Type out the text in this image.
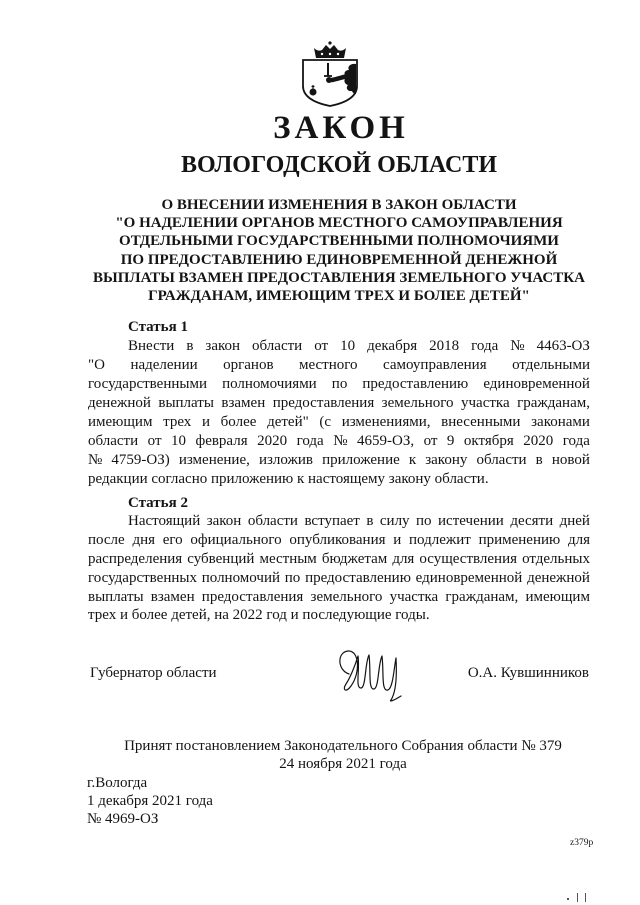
ЗАКОН
ВОЛОГОДСКОЙ ОБЛАСТИ
О ВНЕСЕНИИ ИЗМЕНЕНИЯ В ЗАКОН ОБЛАСТИ
"О НАДЕЛЕНИИ ОРГАНОВ МЕСТНОГО САМОУПРАВЛЕНИЯ
ОТДЕЛЬНЫМИ ГОСУДАРСТВЕННЫМИ ПОЛНОМОЧИЯМИ
ПО ПРЕДОСТАВЛЕНИЮ ЕДИНОВРЕМЕННОЙ ДЕНЕЖНОЙ
ВЫПЛАТЫ ВЗАМЕН ПРЕДОСТАВЛЕНИЯ ЗЕМЕЛЬНОГО УЧАСТКА
ГРАЖДАНАМ, ИМЕЮЩИМ ТРЕХ И БОЛЕЕ ДЕТЕЙ"
Статья 1
Внести в закон области от 10 декабря 2018 года № 4463-ОЗ
"О наделении органов местного самоуправления отдельными
государственными полномочиями по предоставлению единовременной
денежной выплаты взамен предоставления земельного участка гражданам,
имеющим трех и более детей" (с изменениями, внесенными законами
области от 10 февраля 2020 года № 4659-ОЗ, от 9 октября 2020 года
№ 4759-ОЗ) изменение, изложив приложение к закону области в новой
редакции согласно приложению к настоящему закону области.
Статья 2
Настоящий закон области вступает в силу по истечении десяти дней
после дня его официального опубликования и подлежит применению для
распределения субвенций местным бюджетам для осуществления отдельных
государственных полномочий по предоставлению единовременной денежной
выплаты взамен предоставления земельного участка гражданам, имеющим
трех и более детей, на 2022 год и последующие годы.
Губернатор области	О.А. Кувшинников
Принят постановлением Законодательного Собрания области № 379
24 ноября 2021 года
г.Вологда
1 декабря 2021 года
№ 4969-ОЗ
z379p
